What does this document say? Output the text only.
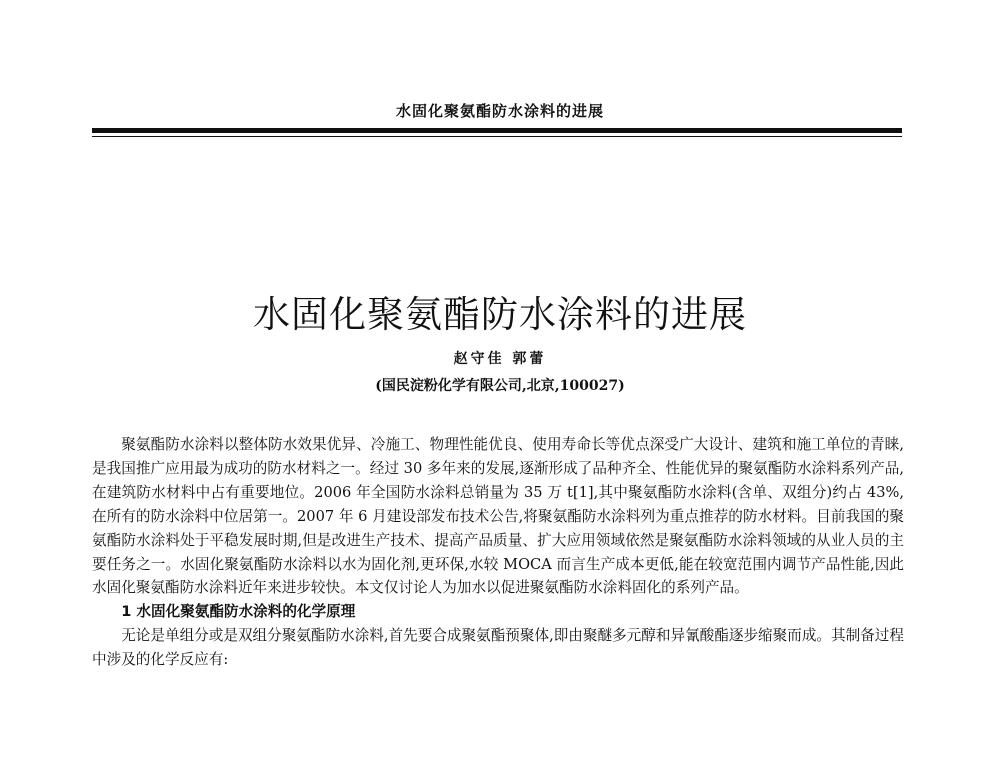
水固化聚氨酯防水涂料的进展
水固化聚氨酯防水涂料的进展
赵守佳 郭蕾
(国民淀粉化学有限公司,北京,100027)

聚氨酯防水涂料以整体防水效果优异、冷施工、物理性能优良、使用寿命长等优点深受广大设计、建筑和施工单位的青睐,是我国推广应用最为成功的防水材料之一。经过 30 多年来的发展,逐渐形成了品种齐全、性能优异的聚氨酯防水涂料系列产品,在建筑防水材料中占有重要地位。2006 年全国防水涂料总销量为 35 万 t[1],其中聚氨酯防水涂料(含单、双组分)约占 43%,在所有的防水涂料中位居第一。2007 年 6 月建设部发布技术公告,将聚氨酯防水涂料列为重点推荐的防水材料。目前我国的聚氨酯防水涂料处于平稳发展时期,但是改进生产技术、提高产品质量、扩大应用领域依然是聚氨酯防水涂料领域的从业人员的主要任务之一。水固化聚氨酯防水涂料以水为固化剂,更环保,水较 MOCA 而言生产成本更低,能在较宽范围内调节产品性能,因此水固化聚氨酯防水涂料近年来进步较快。本文仅讨论人为加水以促进聚氨酯防水涂料固化的系列产品。

1 水固化聚氨酯防水涂料的化学原理

无论是单组分或是双组分聚氨酯防水涂料,首先要合成聚氨酯预聚体,即由聚醚多元醇和异氰酸酯逐步缩聚而成。其制备过程中涉及的化学反应有:
